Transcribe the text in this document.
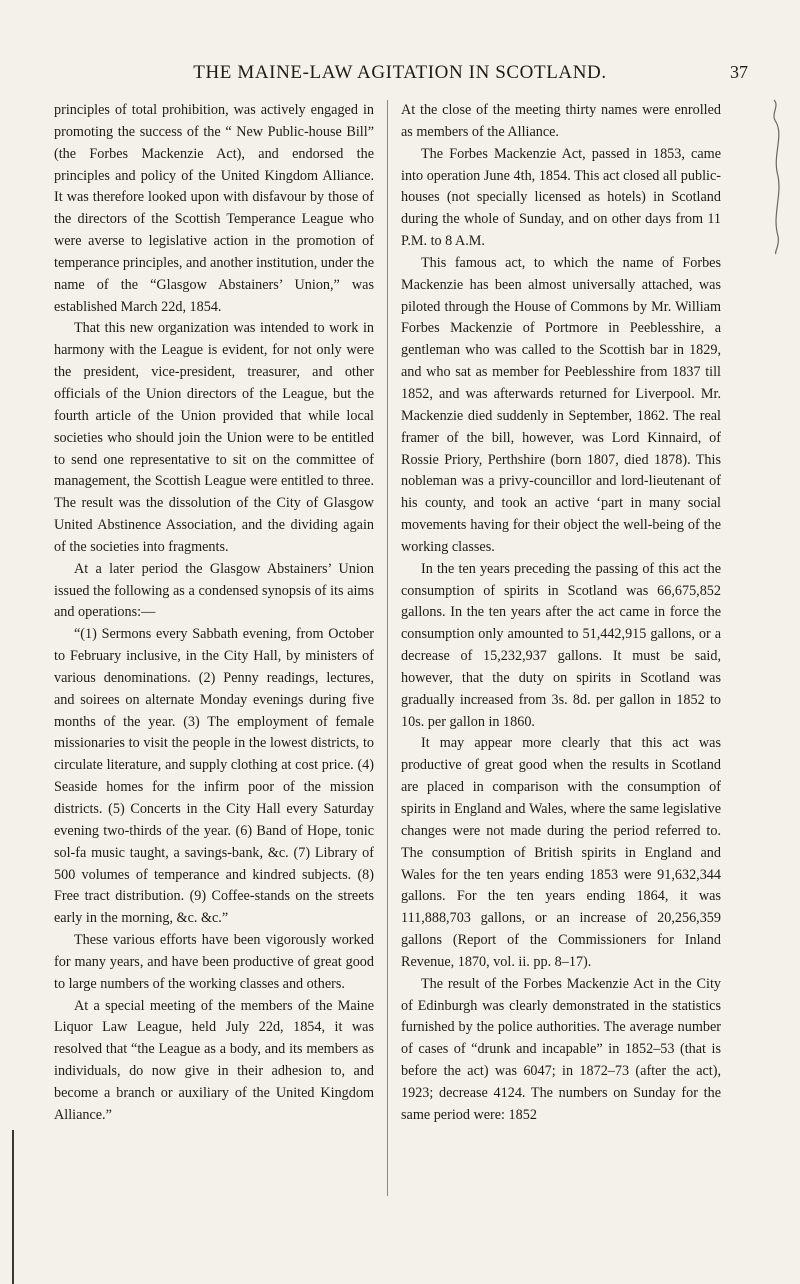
THE MAINE-LAW AGITATION IN SCOTLAND.	37

principles of total prohibition, was actively engaged in promoting the success of the “ New Public-house Bill” (the Forbes Mackenzie Act), and endorsed the principles and policy of the United Kingdom Alliance. It was therefore looked upon with disfavour by those of the directors of the Scottish Temperance League who were averse to legislative action in the promotion of temperance principles, and another institution, under the name of the “Glasgow Abstainers’ Union,” was established March 22d, 1854.

That this new organization was intended to work in harmony with the League is evident, for not only were the president, vice-president, treasurer, and other officials of the Union directors of the League, but the fourth article of the Union provided that while local societies who should join the Union were to be entitled to send one representative to sit on the committee of management, the Scottish League were entitled to three. The result was the dissolution of the City of Glasgow United Abstinence Association, and the dividing again of the societies into fragments.

At a later period the Glasgow Abstainers’ Union issued the following as a condensed synopsis of its aims and operations:—

“(1) Sermons every Sabbath evening, from October to February inclusive, in the City Hall, by ministers of various denominations. (2) Penny readings, lectures, and soirees on alternate Monday evenings during five months of the year. (3) The employment of female missionaries to visit the people in the lowest districts, to circulate literature, and supply clothing at cost price. (4) Seaside homes for the infirm poor of the mission districts. (5) Concerts in the City Hall every Saturday evening two-thirds of the year. (6) Band of Hope, tonic sol-fa music taught, a savings-bank, &c. (7) Library of 500 volumes of temperance and kindred subjects. (8) Free tract distribution. (9) Coffee-stands on the streets early in the morning, &c. &c.”

These various efforts have been vigorously worked for many years, and have been productive of great good to large numbers of the working classes and others.

At a special meeting of the members of the Maine Liquor Law League, held July 22d, 1854, it was resolved that “the League as a body, and its members as individuals, do now give in their adhesion to, and become a branch or auxiliary of the United Kingdom Alliance.”

At the close of the meeting thirty names were enrolled as members of the Alliance.

The Forbes Mackenzie Act, passed in 1853, came into operation June 4th, 1854. This act closed all public-houses (not specially licensed as hotels) in Scotland during the whole of Sunday, and on other days from 11 P.M. to 8 A.M.

This famous act, to which the name of Forbes Mackenzie has been almost universally attached, was piloted through the House of Commons by Mr. William Forbes Mackenzie of Portmore in Peeblesshire, a gentleman who was called to the Scottish bar in 1829, and who sat as member for Peeblesshire from 1837 till 1852, and was afterwards returned for Liverpool. Mr. Mackenzie died suddenly in September, 1862. The real framer of the bill, however, was Lord Kinnaird, of Rossie Priory, Perthshire (born 1807, died 1878). This nobleman was a privy-councillor and lord-lieutenant of his county, and took an active ‘part in many social movements having for their object the well-being of the working classes.

In the ten years preceding the passing of this act the consumption of spirits in Scotland was 66,675,852 gallons. In the ten years after the act came in force the consumption only amounted to 51,442,915 gallons, or a decrease of 15,232,937 gallons. It must be said, however, that the duty on spirits in Scotland was gradually increased from 3s. 8d. per gallon in 1852 to 10s. per gallon in 1860.

It may appear more clearly that this act was productive of great good when the results in Scotland are placed in comparison with the consumption of spirits in England and Wales, where the same legislative changes were not made during the period referred to. The consumption of British spirits in England and Wales for the ten years ending 1853 were 91,632,344 gallons. For the ten years ending 1864, it was 111,888,703 gallons, or an increase of 20,256,359 gallons (Report of the Commissioners for Inland Revenue, 1870, vol. ii. pp. 8–17).

The result of the Forbes Mackenzie Act in the City of Edinburgh was clearly demonstrated in the statistics furnished by the police authorities. The average number of cases of “drunk and incapable” in 1852–53 (that is before the act) was 6047; in 1872–73 (after the act), 1923; decrease 4124. The numbers on Sunday for the same period were: 1852
